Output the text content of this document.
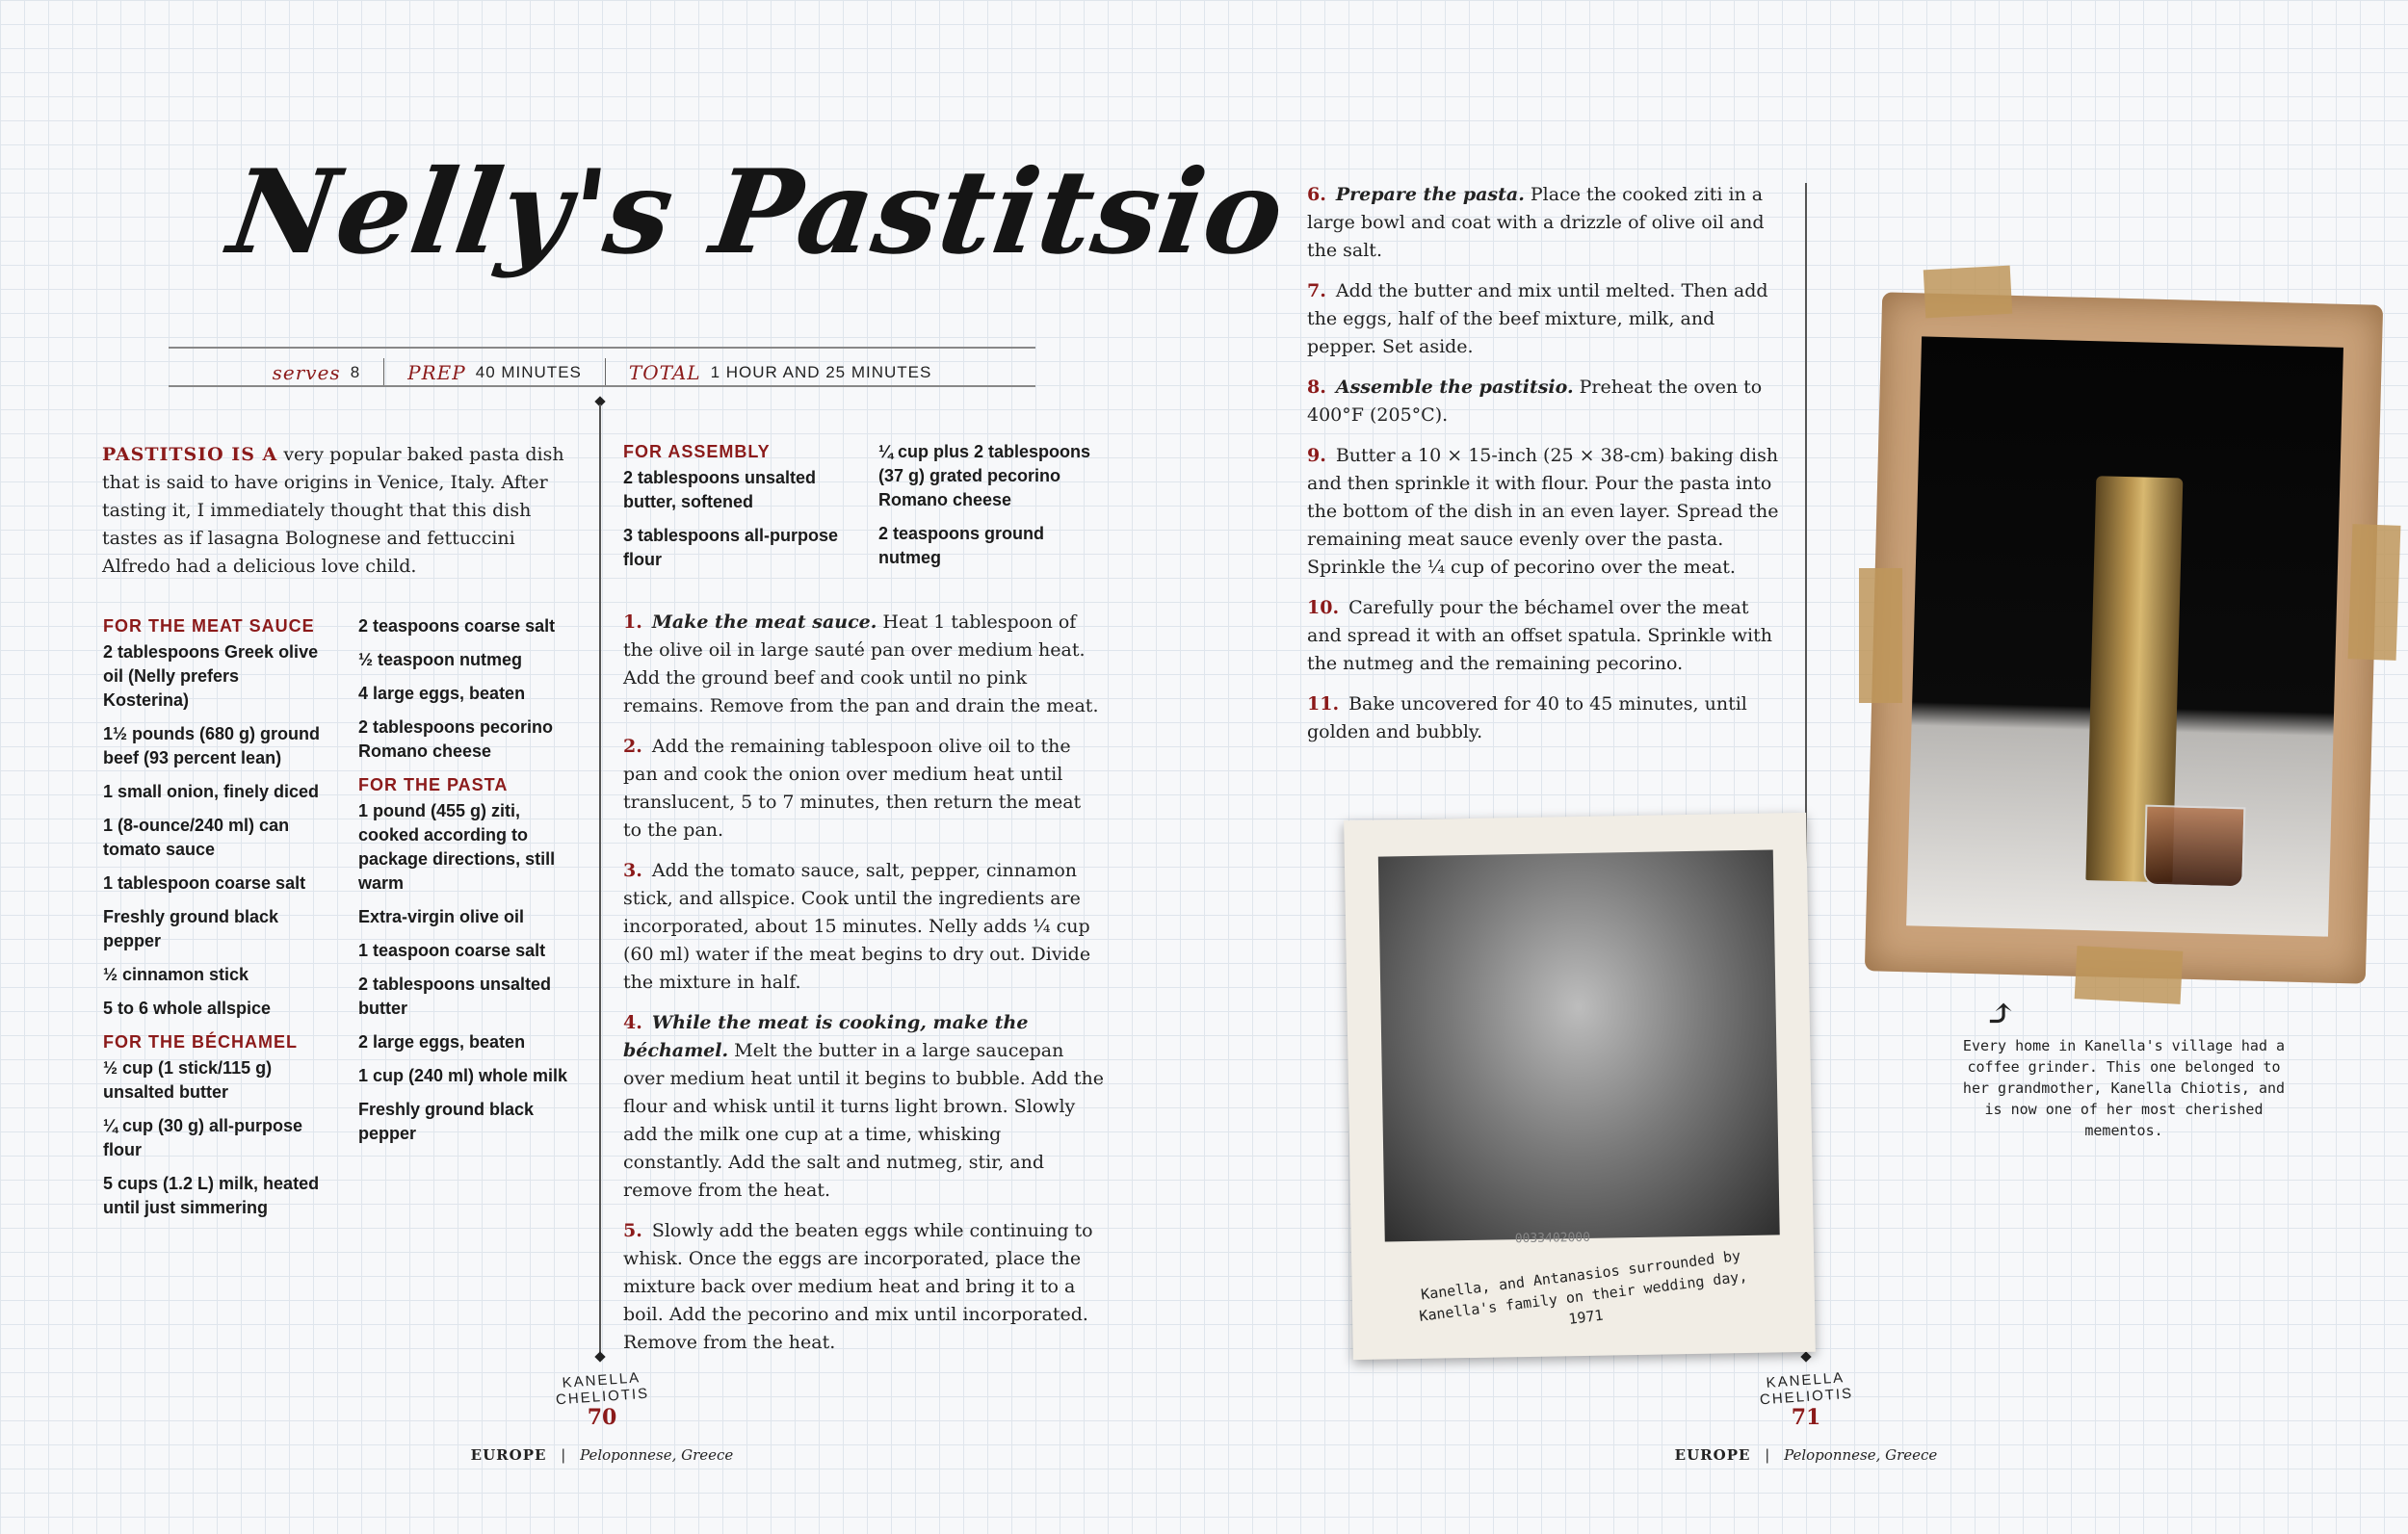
Nelly's Pastitsio
serves 8 PREP 40 MINUTES TOTAL 1 HOUR AND 25 MINUTES
PASTITSIO IS A very popular baked pasta dish that is said to have origins in Venice, Italy. After tasting it, I immediately thought that this dish tastes as if lasagna Bolognese and fettuccini Alfredo had a delicious love child.
FOR THE MEAT SAUCE
2 tablespoons Greek olive oil (Nelly prefers Kosterina)
1½ pounds (680 g) ground beef (93 percent lean)
1 small onion, finely diced
1 (8-ounce/240 ml) can tomato sauce
1 tablespoon coarse salt
Freshly ground black pepper
½ cinnamon stick
5 to 6 whole allspice
FOR THE BÉCHAMEL
½ cup (1 stick/115 g) unsalted butter
¼ cup (30 g) all-purpose flour
5 cups (1.2 L) milk, heated until just simmering
2 teaspoons coarse salt
½ teaspoon nutmeg
4 large eggs, beaten
2 tablespoons pecorino Romano cheese
FOR THE PASTA
1 pound (455 g) ziti, cooked according to package directions, still warm
Extra-virgin olive oil
1 teaspoon coarse salt
2 tablespoons unsalted butter
2 large eggs, beaten
1 cup (240 ml) whole milk
Freshly ground black pepper
FOR ASSEMBLY
2 tablespoons unsalted butter, softened
3 tablespoons all-purpose flour
¼ cup plus 2 tablespoons (37 g) grated pecorino Romano cheese
2 teaspoons ground nutmeg
1. Make the meat sauce. Heat 1 tablespoon of the olive oil in large sauté pan over medium heat. Add the ground beef and cook until no pink remains. Remove from the pan and drain the meat.
2. Add the remaining tablespoon olive oil to the pan and cook the onion over medium heat until translucent, 5 to 7 minutes, then return the meat to the pan.
3. Add the tomato sauce, salt, pepper, cinnamon stick, and allspice. Cook until the ingredients are incorporated, about 15 minutes. Nelly adds ¼ cup (60 ml) water if the meat begins to dry out. Divide the mixture in half.
4. While the meat is cooking, make the béchamel. Melt the butter in a large saucepan over medium heat until it begins to bubble. Add the flour and whisk until it turns light brown. Slowly add the milk one cup at a time, whisking constantly. Add the salt and nutmeg, stir, and remove from the heat.
5. Slowly add the beaten eggs while continuing to whisk. Once the eggs are incorporated, place the mixture back over medium heat and bring it to a boil. Add the pecorino and mix until incorporated. Remove from the heat.
6. Prepare the pasta. Place the cooked ziti in a large bowl and coat with a drizzle of olive oil and the salt.
7. Add the butter and mix until melted. Then add the eggs, half of the beef mixture, milk, and pepper. Set aside.
8. Assemble the pastitsio. Preheat the oven to 400°F (205°C).
9. Butter a 10 × 15-inch (25 × 38-cm) baking dish and then sprinkle it with flour. Pour the pasta into the bottom of the dish in an even layer. Spread the remaining meat sauce evenly over the pasta. Sprinkle the ¼ cup of pecorino over the meat.
10. Carefully pour the béchamel over the meat and spread it with an offset spatula. Sprinkle with the nutmeg and the remaining pecorino.
11. Bake uncovered for 40 to 45 minutes, until golden and bubbly.
0033402000
Kanella, and Antanasios surrounded by Kanella's family on their wedding day, 1971
⤴
Every home in Kanella's village had a coffee grinder. This one belonged to her grandmother, Kanella Chiotis, and is now one of her most cherished mementos.
KANELLA CHELIOTIS
70
EUROPE | Peloponnese, Greece
KANELLA CHELIOTIS
71
EUROPE | Peloponnese, Greece
